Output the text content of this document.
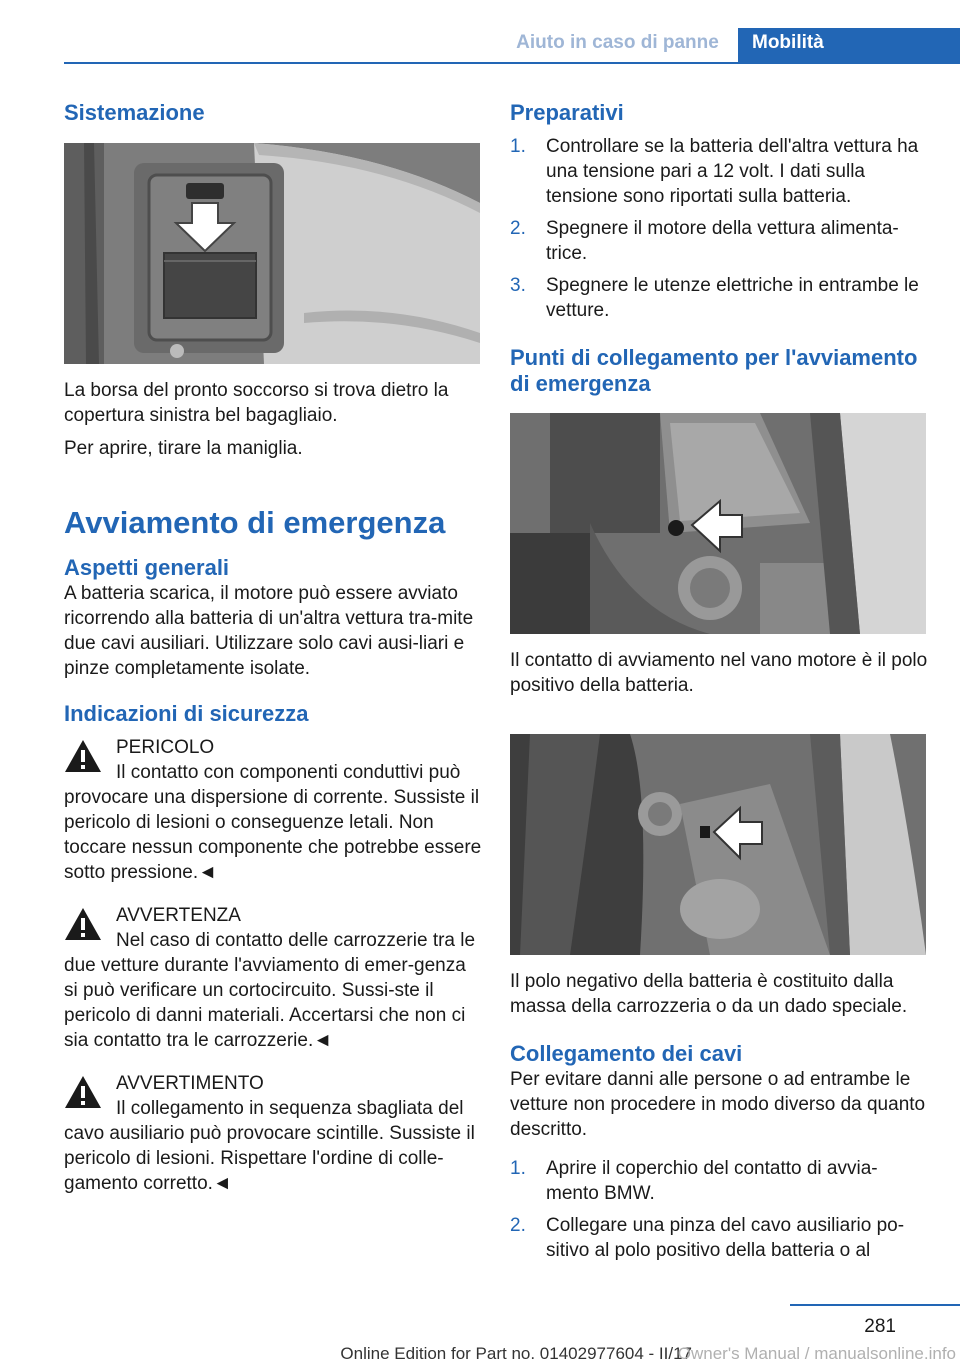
Aiuto in caso di panne	Mobilità
Sistemazione

La borsa del pronto soccorso si trova dietro la copertura sinistra bel bagagliaio.

Per aprire, tirare la maniglia.

Avviamento di emergenza
Aspetti generali

A batteria scarica, il motore può essere avviato ricorrendo alla batteria di un'altra vettura tra-mite due cavi ausiliari. Utilizzare solo cavi ausi-liari e pinze completamente isolate.

Indicazioni di sicurezza
PERICOLO

Il contatto con componenti conduttivi può provocare una dispersione di corrente. Sussiste il pericolo di lesioni o conseguenze letali. Non toccare nessun componente che potrebbe essere sotto pressione.◄

AVVERTENZA

Nel caso di contatto delle carrozzerie tra le due vetture durante l'avviamento di emer-genza si può verificare un cortocircuito. Sussi-ste il pericolo di danni materiali. Accertarsi che non ci sia contatto tra le carrozzerie.◄

AVVERTIMENTO

Il collegamento in sequenza sbagliata del cavo ausiliario può provocare scintille. Sussiste il pericolo di lesioni. Rispettare l'ordine di colle-gamento corretto.◄

Preparativi
1. Controllare se la batteria dell'altra vettura ha una tensione pari a 12 volt. I dati sulla tensione sono riportati sulla batteria.
2. Spegnere il motore della vettura alimenta-trice.
3. Spegnere le utenze elettriche in entrambe le vetture.
Punti di collegamento per l'avviamento di emergenza

Il contatto di avviamento nel vano motore è il polo positivo della batteria.

Il polo negativo della batteria è costituito dalla massa della carrozzeria o da un dado speciale.

Collegamento dei cavi

Per evitare danni alle persone o ad entrambe le vetture non procedere in modo diverso da quanto descritto.

1. Aprire il coperchio del contatto di avvia-mento BMW.
2. Collegare una pinza del cavo ausiliario po-sitivo al polo positivo della batteria o al
281
Online Edition for Part no. 01402977604 - II/17
Owner's Manual / manualsonline.info
